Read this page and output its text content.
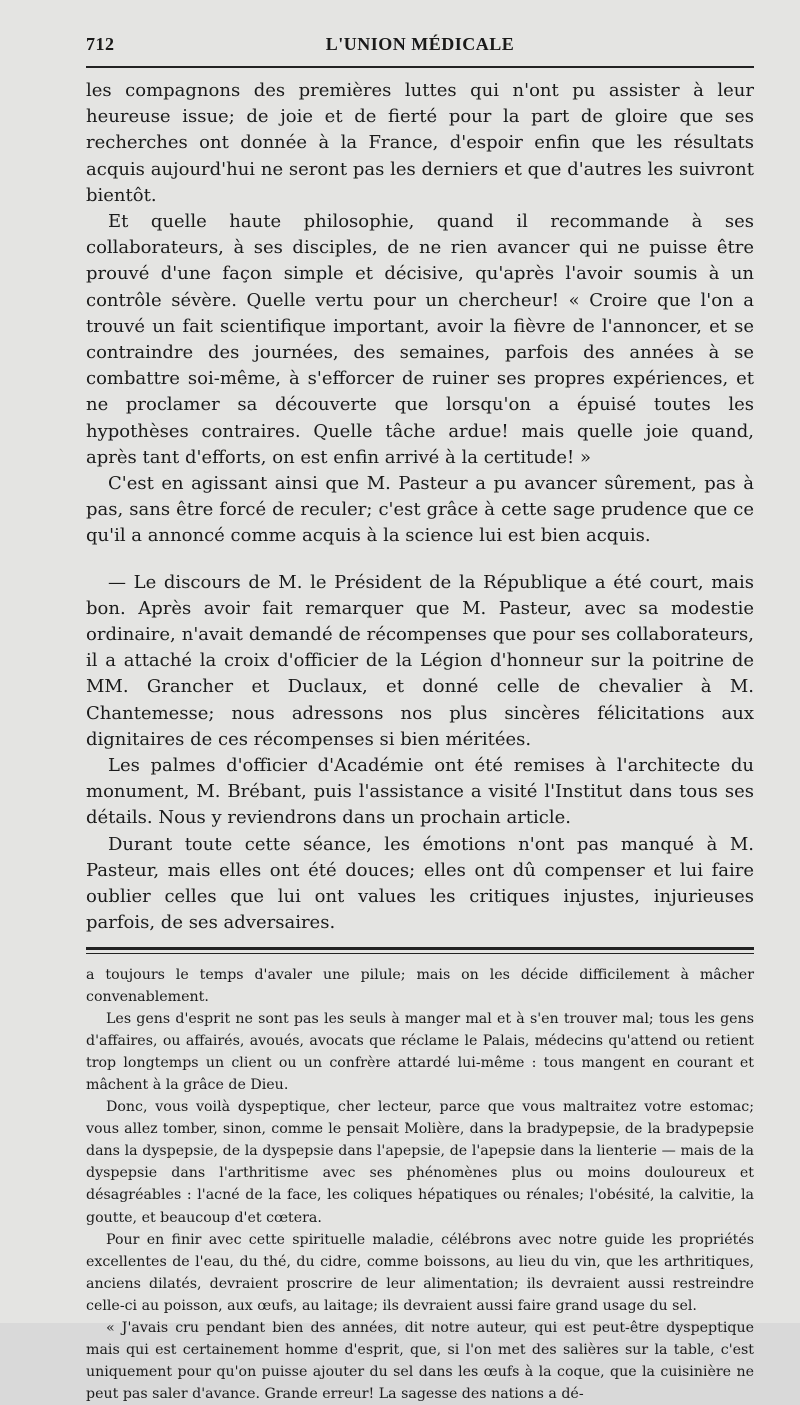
712	L'UNION MÉDICALE

les compagnons des premières luttes qui n'ont pu assister à leur heureuse issue; de joie et de fierté pour la part de gloire que ses recherches ont donnée à la France, d'espoir enfin que les résultats acquis aujourd'hui ne seront pas les derniers et que d'autres les suivront bientôt.

Et quelle haute philosophie, quand il recommande à ses collaborateurs, à ses disciples, de ne rien avancer qui ne puisse être prouvé d'une façon simple et décisive, qu'après l'avoir soumis à un contrôle sévère. Quelle vertu pour un chercheur! « Croire que l'on a trouvé un fait scientifique important, avoir la fièvre de l'annoncer, et se contraindre des journées, des semaines, parfois des années à se combattre soi-même, à s'efforcer de ruiner ses propres expériences, et ne proclamer sa découverte que lorsqu'on a épuisé toutes les hypothèses contraires. Quelle tâche ardue! mais quelle joie quand, après tant d'efforts, on est enfin arrivé à la certitude! »

C'est en agissant ainsi que M. Pasteur a pu avancer sûrement, pas à pas, sans être forcé de reculer; c'est grâce à cette sage prudence que ce qu'il a annoncé comme acquis à la science lui est bien acquis.

— Le discours de M. le Président de la République a été court, mais bon. Après avoir fait remarquer que M. Pasteur, avec sa modestie ordinaire, n'avait demandé de récompenses que pour ses collaborateurs, il a attaché la croix d'officier de la Légion d'honneur sur la poitrine de MM. Grancher et Duclaux, et donné celle de chevalier à M. Chantemesse; nous adressons nos plus sincères félicitations aux dignitaires de ces récompenses si bien méritées.

Les palmes d'officier d'Académie ont été remises à l'architecte du monument, M. Brébant, puis l'assistance a visité l'Institut dans tous ses détails. Nous y reviendrons dans un prochain article.

Durant toute cette séance, les émotions n'ont pas manqué à M. Pasteur, mais elles ont été douces; elles ont dû compenser et lui faire oublier celles que lui ont values les critiques injustes, injurieuses parfois, de ses adversaires.

a toujours le temps d'avaler une pilule; mais on les décide difficilement à mâcher convenablement.

Les gens d'esprit ne sont pas les seuls à manger mal et à s'en trouver mal; tous les gens d'affaires, ou affairés, avoués, avocats que réclame le Palais, médecins qu'attend ou retient trop longtemps un client ou un confrère attardé lui-même : tous mangent en courant et mâchent à la grâce de Dieu.

Donc, vous voilà dyspeptique, cher lecteur, parce que vous maltraitez votre estomac; vous allez tomber, sinon, comme le pensait Molière, dans la bradypepsie, de la bradypepsie dans la dyspepsie, de la dyspepsie dans l'apepsie, de l'apepsie dans la lienterie — mais de la dyspepsie dans l'arthritisme avec ses phénomènes plus ou moins douloureux et désagréables : l'acné de la face, les coliques hépatiques ou rénales; l'obésité, la calvitie, la goutte, et beaucoup d'et cœtera.

Pour en finir avec cette spirituelle maladie, célébrons avec notre guide les propriétés excellentes de l'eau, du thé, du cidre, comme boissons, au lieu du vin, que les arthritiques, anciens dilatés, devraient proscrire de leur alimentation; ils devraient aussi restreindre celle-ci au poisson, aux œufs, au laitage; ils devraient aussi faire grand usage du sel.

« J'avais cru pendant bien des années, dit notre auteur, qui est peut-être dyspeptique mais qui est certainement homme d'esprit, que, si l'on met des salières sur la table, c'est uniquement pour qu'on puisse ajouter du sel dans les œufs à la coque, que la cuisinière ne peut pas saler d'avance. Grande erreur! La sagesse des nations a dé-
